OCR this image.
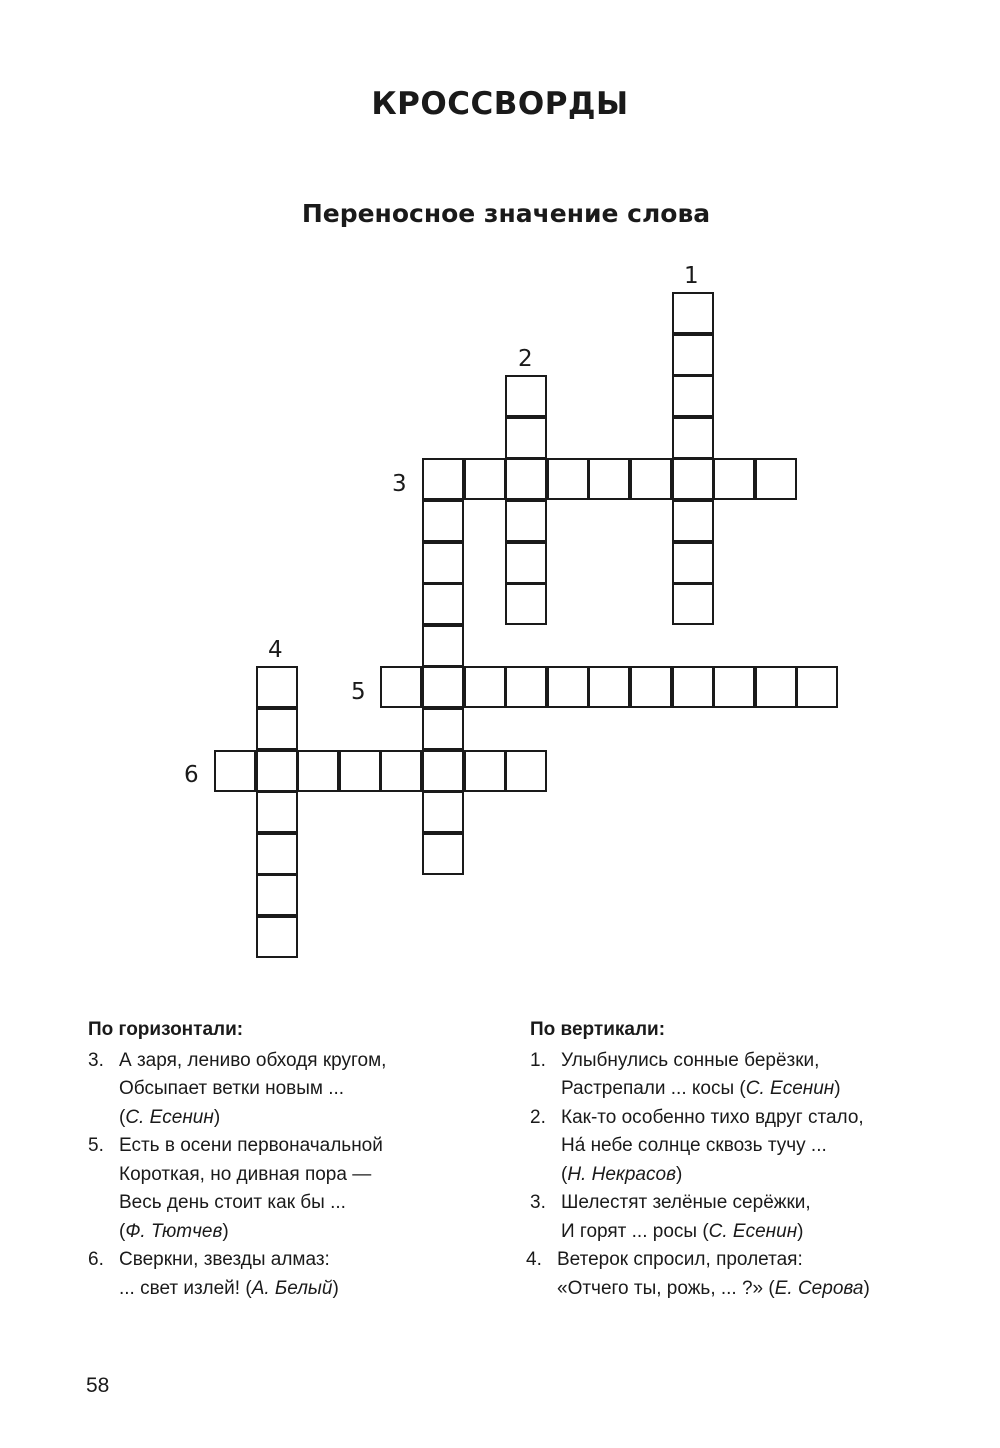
КРОССВОРДЫ
Переносное значение слова
1
2
3
4
5
6
По горизонтали:
3. А заря, лениво обходя кругом,
Обсыпает ветки новым ...
(С. Есенин)
5. Есть в осени первоначальной
Короткая, но дивная пора —
Весь день стоит как бы ...
(Ф. Тютчев)
6. Сверкни, звезды алмаз:
... свет излей! (А. Белый)
По вертикали:
1. Улыбнулись сонные берёзки,
Растрепали ... косы (С. Есенин)
2. Как-то особенно тихо вдруг стало,
На́ небе солнце сквозь тучу ...
(Н. Некрасов)
3. Шелестят зелёные серёжки,
И горят ... росы (С. Есенин)
4. Ветерок спросил, пролетая:
«Отчего ты, рожь, ... ?» (Е. Серова)
58
